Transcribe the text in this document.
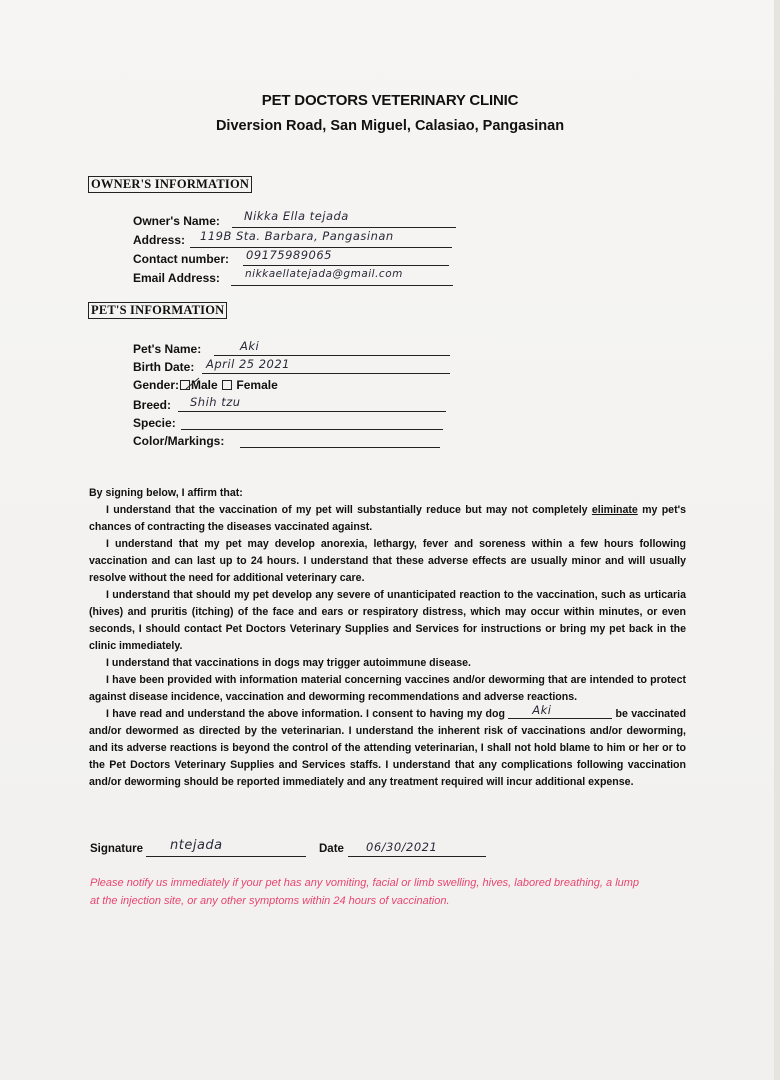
PET DOCTORS VETERINARY CLINIC
Diversion Road, San Miguel, Calasiao, Pangasinan
OWNER'S INFORMATION
Owner's Name: Nikka Ella tejada
Address: 119B Sta. Barbara, Pangasinan
Contact number: 09175989065
Email Address: nikkaellatejada@gmail.com
PET'S INFORMATION
Pet's Name:	Aki
Birth Date: April 25 2021
Gender: Male Female
Breed: Shih tzu
Specie:
Color/Markings:

By signing below, I affirm that:

I understand that the vaccination of my pet will substantially reduce but may not completely eliminate my pet's chances of contracting the diseases vaccinated against.

I understand that my pet may develop anorexia, lethargy, fever and soreness within a few hours following vaccination and can last up to 24 hours. I understand that these adverse effects are usually minor and will usually resolve without the need for additional veterinary care.

I understand that should my pet develop any severe of unanticipated reaction to the vaccination, such as urticaria (hives) and pruritis (itching) of the face and ears or respiratory distress, which may occur within minutes, or even seconds, I should contact Pet Doctors Veterinary Supplies and Services for instructions or bring my pet back in the clinic immediately.

I understand that vaccinations in dogs may trigger autoimmune disease.

I have been provided with information material concerning vaccines and/or deworming that are intended to protect against disease incidence, vaccination and deworming recommendations and adverse reactions.

I have read and understand the above information. I consent to having my dog Aki	be vaccinated and/or dewormed as directed by the veterinarian. I understand the inherent risk of vaccinations and/or deworming, and its adverse reactions is beyond the control of the attending veterinarian, I shall not hold blame to him or her or to the Pet Doctors Veterinary Supplies and Services staffs. I understand that any complications following vaccination and/or deworming should be reported immediately and any treatment required will incur additional expense.

Signature ntejada	Date 06/30/2021
Please notify us immediately if your pet has any vomiting, facial or limb swelling, hives, labored breathing, a lump at the injection site, or any other symptoms within 24 hours of vaccination.
